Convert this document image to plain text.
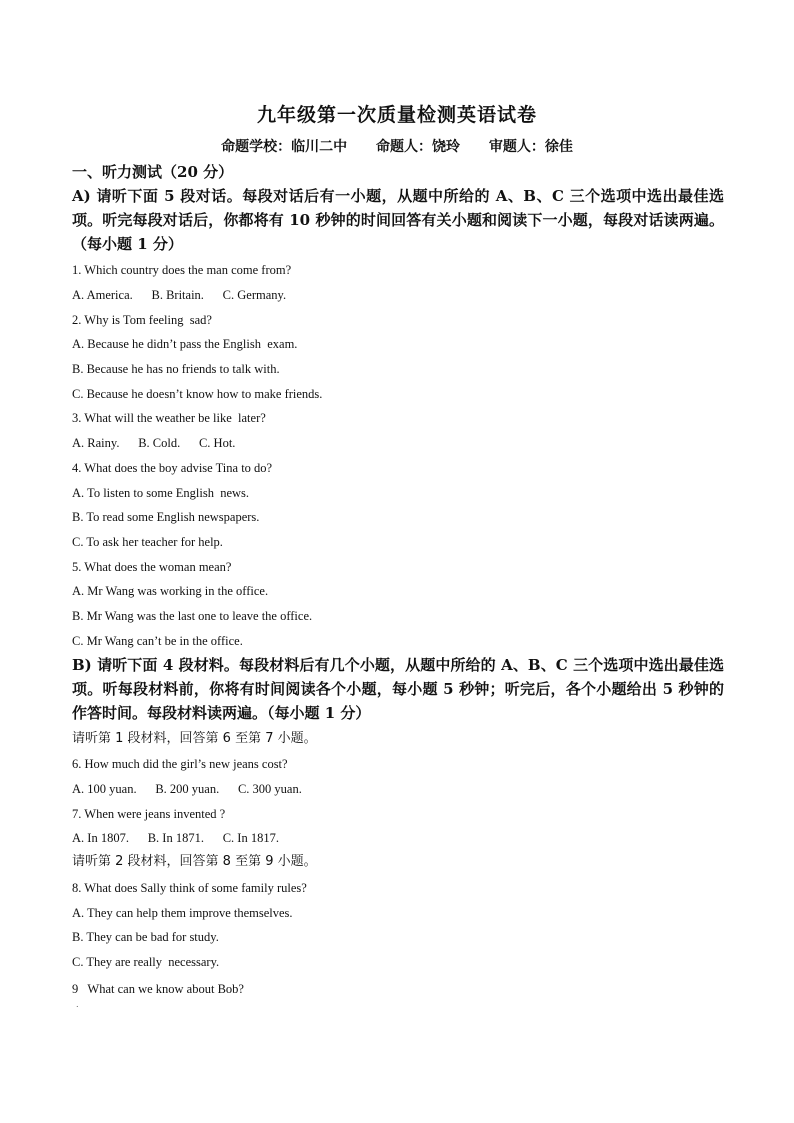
九年级第一次质量检测英语试卷
命题学校：临川二中 命题人：饶玲 审题人：徐佳
一、听力测试（20 分）
A) 请听下面 5 段对话。每段对话后有一小题，从题中所给的 A、B、C 三个选项中选出最佳选项。听完每段对话后，你都将有 10 秒钟的时间回答有关小题和阅读下一小题，每段对话读两遍。（每小题 1 分）
1. Which country does the man come from?
A. America.      B. Britain.      C. Germany.
2. Why is Tom feeling  sad?
A. Because he didn’t pass the English  exam.
B. Because he has no friends to talk with.
C. Because he doesn’t know how to make friends.
3. What will the weather be like  later?
A. Rainy.      B. Cold.      C. Hot.
4. What does the boy advise Tina to do?
A. To listen to some English  news.
B. To read some English newspapers.
C. To ask her teacher for help.
5. What does the woman mean?
A. Mr Wang was working in the office.
B. Mr Wang was the last one to leave the office.
C. Mr Wang can’t be in the office.
B) 请听下面 4 段材料。每段材料后有几个小题，从题中所给的 A、B、C 三个选项中选出最佳选项。听每段材料前，你将有时间阅读各个小题，每小题 5 秒钟；听完后，各个小题给出 5 秒钟的作答时间。每段材料读两遍。（每小题 1 分）
请听第 1 段材料，回答第 6 至第 7 小题。
6. How much did the girl’s new jeans cost?
A. 100 yuan.      B. 200 yuan.      C. 300 yuan.
7. When were jeans invented ?
A. In 1807.      B. In 1871.      C. In 1817.
请听第 2 段材料，回答第 8 至第 9 小题。
8. What does Sally think of some family rules?
A. They can help them improve themselves.
B. They can be bad for study.
C. They are really  necessary.
9   What can we know about Bob?
.
